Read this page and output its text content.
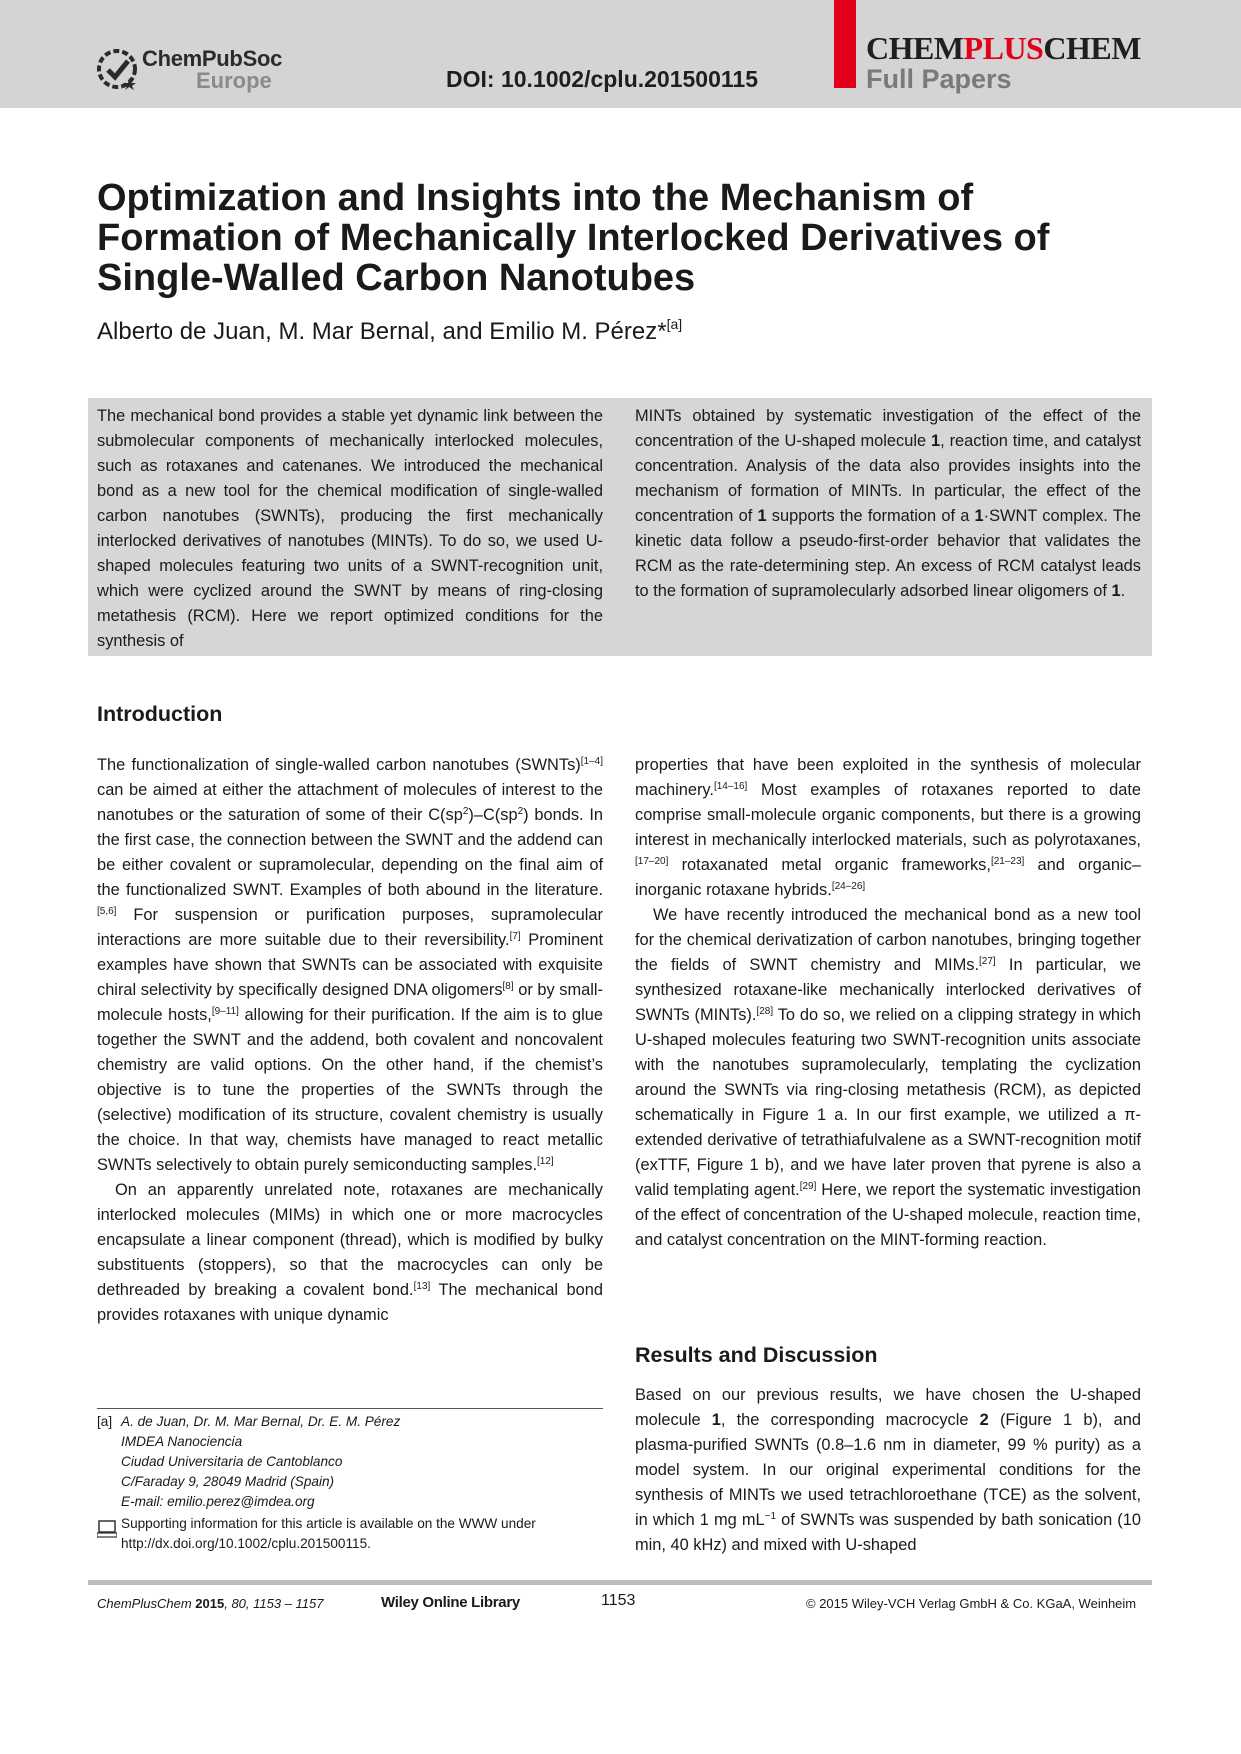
ChemPubSoc
Europe	DOI: 10.1002/cplu.201500115
CHEMPLUSCHEM
Full Papers
Optimization and Insights into the Mechanism of Formation of Mechanically Interlocked Derivatives of Single-Walled Carbon Nanotubes
Alberto de Juan, M. Mar Bernal, and Emilio M. Pérez*[a]
The mechanical bond provides a stable yet dynamic link between the submolecular components of mechanically interlocked molecules, such as rotaxanes and catenanes. We introduced the mechanical bond as a new tool for the chemical modification of single-walled carbon nanotubes (SWNTs), producing the first mechanically interlocked derivatives of nanotubes (MINTs). To do so, we used U-shaped molecules featuring two units of a SWNT-recognition unit, which were cyclized around the SWNT by means of ring-closing metathesis (RCM). Here we report optimized conditions for the synthesis of
MINTs obtained by systematic investigation of the effect of the concentration of the U-shaped molecule 1, reaction time, and catalyst concentration. Analysis of the data also provides insights into the mechanism of formation of MINTs. In particular, the effect of the concentration of 1 supports the formation of a 1·SWNT complex. The kinetic data follow a pseudo-first-order behavior that validates the RCM as the rate-determining step. An excess of RCM catalyst leads to the formation of supramolecularly adsorbed linear oligomers of 1.
Introduction

The functionalization of single-walled carbon nanotubes (SWNTs)[1–4] can be aimed at either the attachment of molecules of interest to the nanotubes or the saturation of some of their $C(sp^2)-C(sp^2)$ bonds. In the first case, the connection between the SWNT and the addend can be either covalent or supramolecular, depending on the final aim of the functionalized SWNT. Examples of both abound in the literature.[5,6] For suspension or purification purposes, supramolecular interactions are more suitable due to their reversibility.[7] Prominent examples have shown that SWNTs can be associated with exquisite chiral selectivity by specifically designed DNA oligomers[8] or by small-molecule hosts,[9–11] allowing for their purification. If the aim is to glue together the SWNT and the addend, both covalent and noncovalent chemistry are valid options. On the other hand, if the chemist’s objective is to tune the properties of the SWNTs through the (selective) modification of its structure, covalent chemistry is usually the choice. In that way, chemists have managed to react metallic SWNTs selectively to obtain purely semiconducting samples.[12]

On an apparently unrelated note, rotaxanes are mechanically interlocked molecules (MIMs) in which one or more macrocycles encapsulate a linear component (thread), which is modified by bulky substituents (stoppers), so that the macrocycles can only be dethreaded by breaking a covalent bond.[13] The mechanical bond provides rotaxanes with unique dynamic

properties that have been exploited in the synthesis of molecular machinery.[14–16] Most examples of rotaxanes reported to date comprise small-molecule organic components, but there is a growing interest in mechanically interlocked materials, such as polyrotaxanes,[17–20] rotaxanated metal organic frameworks,[21–23] and organic–inorganic rotaxane hybrids.[24–26]

We have recently introduced the mechanical bond as a new tool for the chemical derivatization of carbon nanotubes, bringing together the fields of SWNT chemistry and MIMs.[27] In particular, we synthesized rotaxane-like mechanically interlocked derivatives of SWNTs (MINTs).[28] To do so, we relied on a clipping strategy in which U-shaped molecules featuring two SWNT-recognition units associate with the nanotubes supramolecularly, templating the cyclization around the SWNTs via ring-closing metathesis (RCM), as depicted schematically in Figure 1 a. In our first example, we utilized a π-extended derivative of tetrathiafulvalene as a SWNT-recognition motif (exTTF, Figure 1 b), and we have later proven that pyrene is also a valid templating agent.[29] Here, we report the systematic investigation of the effect of concentration of the U-shaped molecule, reaction time, and catalyst concentration on the MINT-forming reaction.

Results and Discussion

Based on our previous results, we have chosen the U-shaped molecule 1, the corresponding macrocycle 2 (Figure 1 b), and plasma-purified SWNTs (0.8–1.6 nm in diameter, 99 % purity) as a model system. In our original experimental conditions for the synthesis of MINTs we used tetrachloroethane (TCE) as the solvent, in which 1 mg $mL^{-1}$ of SWNTs was suspended by bath sonication (10 min, 40 kHz) and mixed with U-shaped

[a] A. de Juan, Dr. M. Mar Bernal, Dr. E. M. Pérez
IMDEA Nanociencia
Ciudad Universitaria de Cantoblanco
C/Faraday 9, 28049 Madrid (Spain)
E-mail: emilio.perez@imdea.org
Supporting information for this article is available on the WWW under http://dx.doi.org/10.1002/cplu.201500115.
ChemPlusChem 2015, 80, 1153 – 1157	Wiley Online Library	1153	© 2015 Wiley-VCH Verlag GmbH & Co. KGaA, Weinheim
